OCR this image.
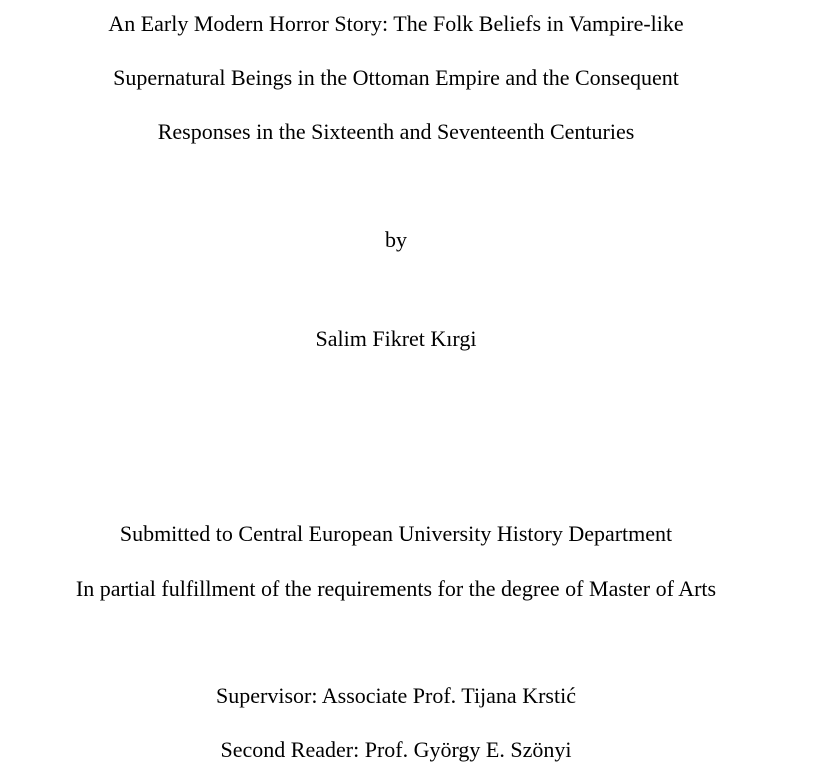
An Early Modern Horror Story: The Folk Beliefs in Vampire-like
Supernatural Beings in the Ottoman Empire and the Consequent
Responses in the Sixteenth and Seventeenth Centuries
by
Salim Fikret Kırgi
Submitted to Central European University History Department
In partial fulfillment of the requirements for the degree of Master of Arts
Supervisor: Associate Prof. Tijana Krstić
Second Reader: Prof. György E. Szönyi
